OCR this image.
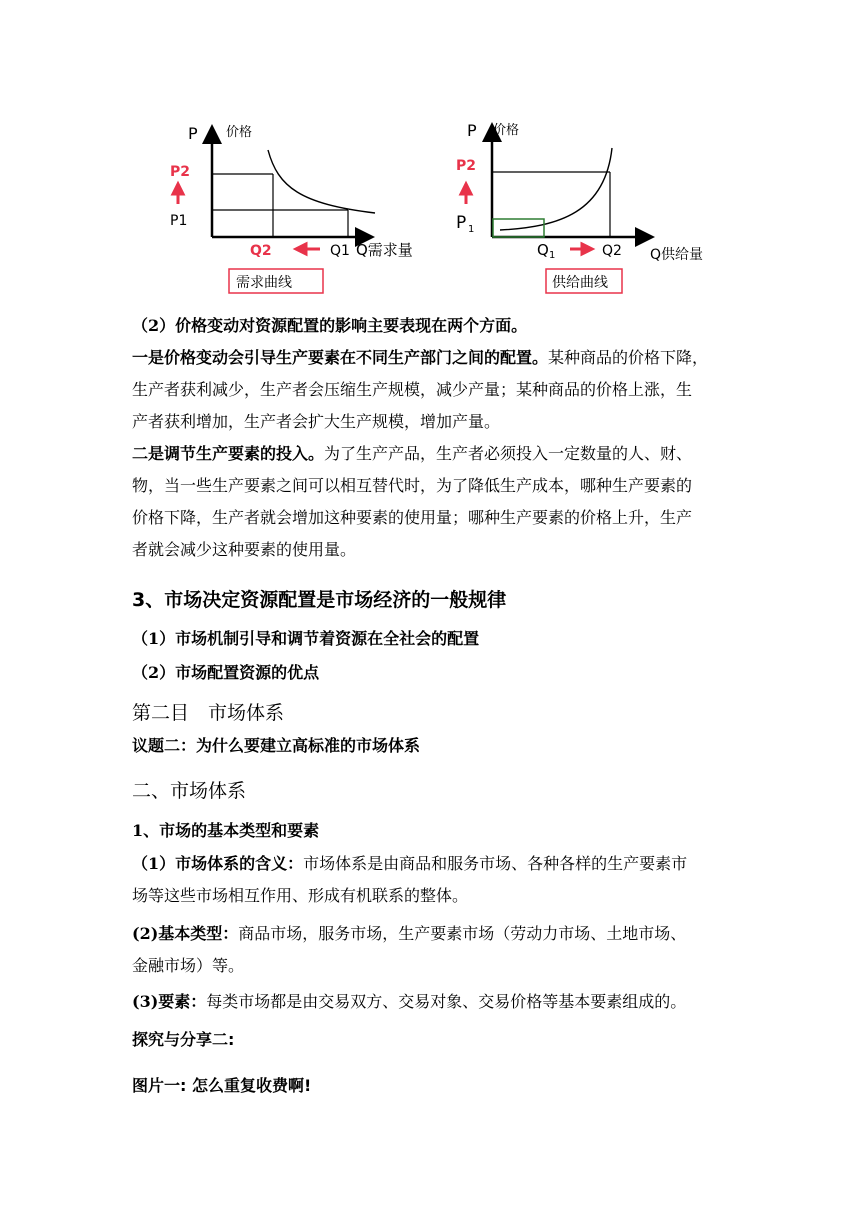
P 价格
P2
P1
Q2	Q1 Q需求量
需求曲线
P 价格
P2
P 1
Q 1	Q2 Q供给量
供给曲线
（2）价格变动对资源配置的影响主要表现在两个方面。
一是价格变动会引导生产要素在不同生产部门之间的配置。某种商品的价格下降，
生产者获利减少，生产者会压缩生产规模，减少产量；某种商品的价格上涨，生
产者获利增加，生产者会扩大生产规模，增加产量。
二是调节生产要素的投入。为了生产产品，生产者必须投入一定数量的人、财、
物，当一些生产要素之间可以相互替代时，为了降低生产成本，哪种生产要素的
价格下降，生产者就会增加这种要素的使用量；哪种生产要素的价格上升，生产
者就会减少这种要素的使用量。
3、市场决定资源配置是市场经济的一般规律
（1）市场机制引导和调节着资源在全社会的配置
（2）市场配置资源的优点
第二目　市场体系
议题二：为什么要建立高标准的市场体系
二、市场体系
1、市场的基本类型和要素
（1）市场体系的含义：市场体系是由商品和服务市场、各种各样的生产要素市
场等这些市场相互作用、形成有机联系的整体。
(2)基本类型：商品市场，服务市场，生产要素市场（劳动力市场、土地市场、
金融市场）等。
(3)要素：每类市场都是由交易双方、交易对象、交易价格等基本要素组成的。
探究与分享二:
图片一: 怎么重复收费啊!
